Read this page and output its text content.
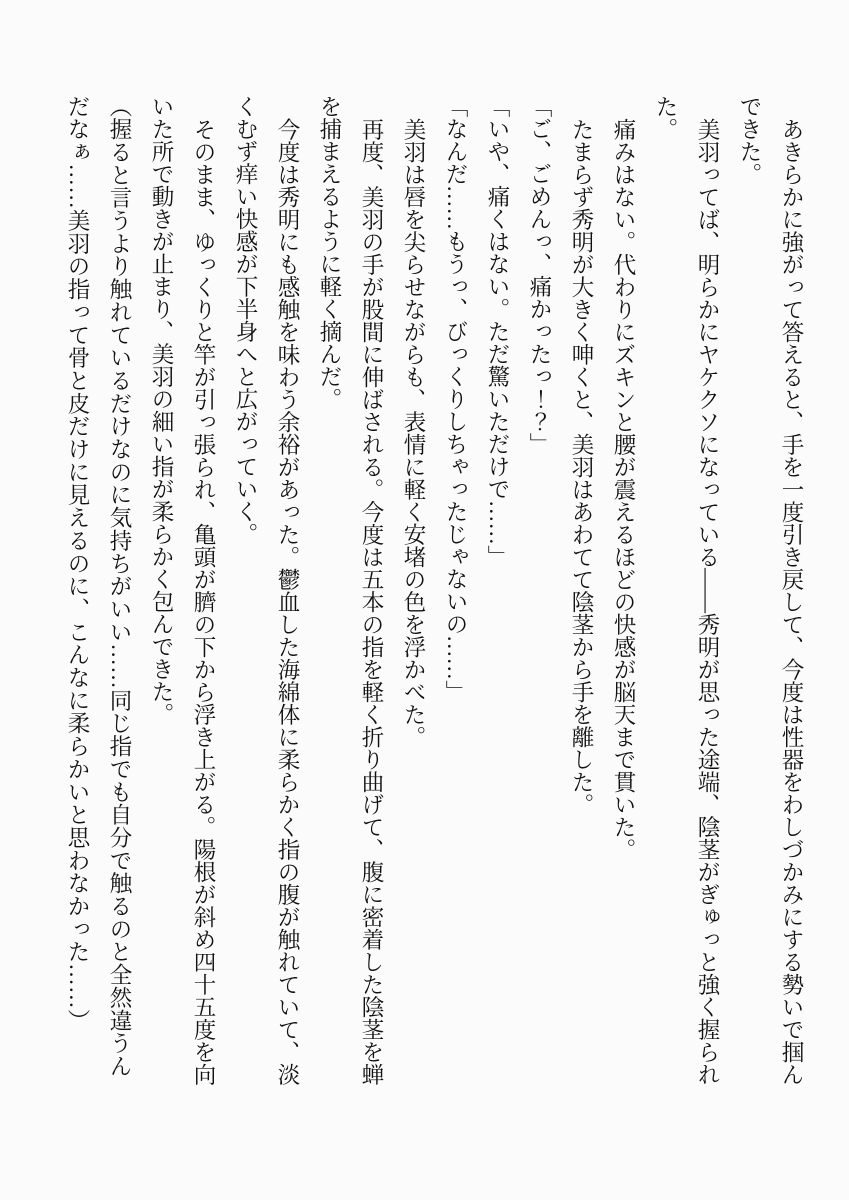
あきらかに強がって答えると、手を一度引き戻して、今度は性器をわしづかみにする勢いで掴んできた。

美羽ってば、明らかにヤケクソになっている――秀明が思った途端、陰茎がぎゅっと強く握られた。

痛みはない。代わりにズキンと腰が震えるほどの快感が脳天まで貫いた。

たまらず秀明が大きく呻くと、美羽はあわてて陰茎から手を離した。

「ご、ごめんっ、痛かったっ！？」

「いや、痛くはない。ただ驚いただけで……」

「なんだ……もうっ、びっくりしちゃったじゃないの……」

美羽は唇を尖らせながらも、表情に軽く安堵の色を浮かべた。

再度、美羽の手が股間に伸ばされる。今度は五本の指を軽く折り曲げて、腹に密着した陰茎を蝉を捕まえるように軽く摘んだ。

今度は秀明にも感触を味わう余裕があった。鬱血した海綿体に柔らかく指の腹が触れていて、淡くむず痒い快感が下半身へと広がっていく。

そのまま、ゆっくりと竿が引っ張られ、亀頭が臍の下から浮き上がる。陽根が斜め四十五度を向いた所で動きが止まり、美羽の細い指が柔らかく包んできた。

（握ると言うより触れているだけなのに気持ちがいい……同じ指でも自分で触るのと全然違うんだなぁ……美羽の指って骨と皮だけに見えるのに、こんなに柔らかいと思わなかった……）
